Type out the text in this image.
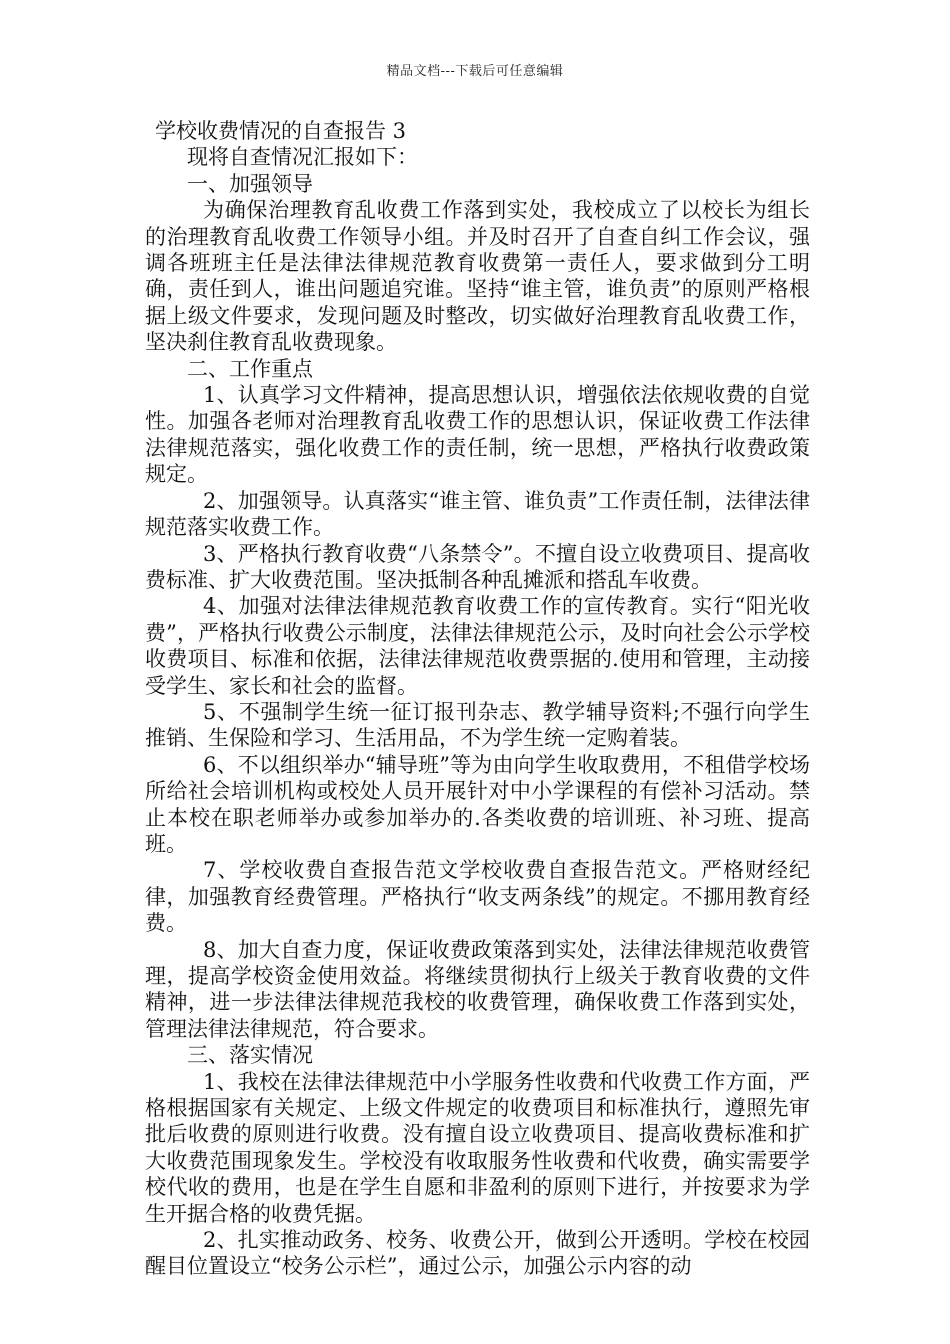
精品文档---下载后可任意编辑

学校收费情况的自查报告 3

现将自查情况汇报如下：

一、加强领导

为确保治理教育乱收费工作落到实处，我校成立了以校长为组长的治理教育乱收费工作领导小组。并及时召开了自查自纠工作会议，强调各班班主任是法律法律规范教育收费第一责任人，要求做到分工明确，责任到人，谁出问题追究谁。坚持“谁主管，谁负责”的原则严格根据上级文件要求，发现问题及时整改，切实做好治理教育乱收费工作，坚决刹住教育乱收费现象。

二、工作重点

1、认真学习文件精神，提高思想认识，增强依法依规收费的自觉性。加强各老师对治理教育乱收费工作的思想认识，保证收费工作法律法律规范落实，强化收费工作的责任制，统一思想，严格执行收费政策规定。

2、加强领导。认真落实“谁主管、谁负责”工作责任制，法律法律规范落实收费工作。

3、严格执行教育收费“八条禁令”。不擅自设立收费项目、提高收费标准、扩大收费范围。坚决抵制各种乱摊派和搭乱车收费。

4、加强对法律法律规范教育收费工作的宣传教育。实行“阳光收费”，严格执行收费公示制度，法律法律规范公示，及时向社会公示学校收费项目、标准和依据，法律法律规范收费票据的.使用和管理，主动接受学生、家长和社会的监督。

5、不强制学生统一征订报刊杂志、教学辅导资料;不强行向学生推销、生保险和学习、生活用品，不为学生统一定购着装。

6、不以组织举办“辅导班”等为由向学生收取费用，不租借学校场所给社会培训机构或校处人员开展针对中小学课程的有偿补习活动。禁止本校在职老师举办或参加举办的.各类收费的培训班、补习班、提高班。

7、学校收费自查报告范文学校收费自查报告范文。严格财经纪律，加强教育经费管理。严格执行“收支两条线”的规定。不挪用教育经费。

8、加大自查力度，保证收费政策落到实处，法律法律规范收费管理，提高学校资金使用效益。将继续贯彻执行上级关于教育收费的文件精神，进一步法律法律规范我校的收费管理，确保收费工作落到实处，管理法律法律规范，符合要求。

三、落实情况

1、我校在法律法律规范中小学服务性收费和代收费工作方面，严格根据国家有关规定、上级文件规定的收费项目和标准执行，遵照先审批后收费的原则进行收费。没有擅自设立收费项目、提高收费标准和扩大收费范围现象发生。学校没有收取服务性收费和代收费，确实需要学校代收的费用，也是在学生自愿和非盈利的原则下进行，并按要求为学生开据合格的收费凭据。

2、扎实推动政务、校务、收费公开，做到公开透明。学校在校园醒目位置设立“校务公示栏”，通过公示，加强公示内容的动
